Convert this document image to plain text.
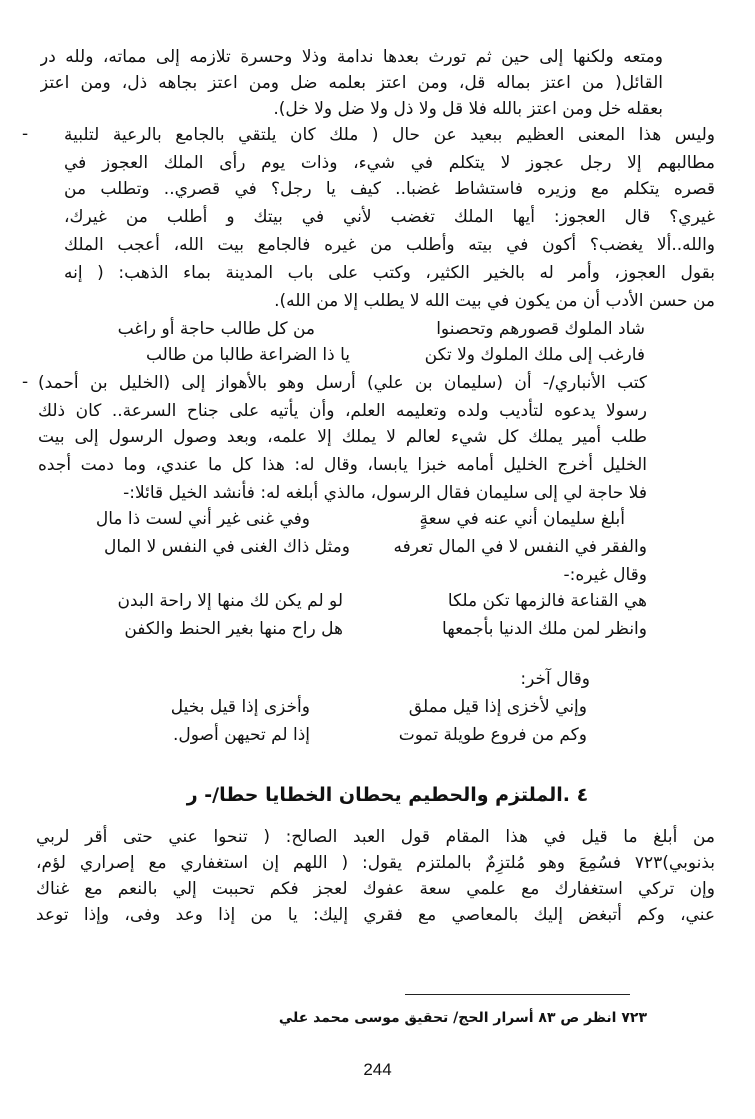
ومتعه ولكنها إلى حين ثم تورث بعدها ندامة وذلا وحسرة تلازمه إلى مماته، ولله در
القائل( من اعتز بماله قل، ومن اعتز بعلمه ضل ومن اعتز بجاهه ذل، ومن اعتز
بعقله خل ومن اعتز بالله فلا قل ولا ذل ولا ضل ولا خل).
- وليس هذا المعنى العظيم ببعيد عن حال ( ملك كان يلتقي بالجامع بالرعية لتلبية
مطالبهم إلا رجل عجوز لا يتكلم في شيء، وذات يوم رأى الملك العجوز في
قصره يتكلم مع وزيره فاستشاط غضبا.. كيف يا رجل؟ في قصري.. وتطلب من
غيري؟ قال العجوز: أيها الملك تغضب لأني في بيتك و أطلب من غيرك،
والله..ألا يغضب؟ أكون في بيته وأطلب من غيره فالجامع بيت الله، أعجب الملك
بقول العجوز، وأمر له بالخير الكثير، وكتب على باب المدينة بماء الذهب: ( إنه
من حسن الأدب أن من يكون في بيت الله لا يطلب إلا من الله).
شاد الملوك قصورهم وتحصنوا
من كل طالب حاجة أو راغب
فارغب إلى ملك الملوك ولا تكن
يا ذا الضراعة طالبا من طالب
- كتب الأنباري/- أن (سليمان بن علي) أرسل وهو بالأهواز إلى (الخليل بن أحمد)
رسولا يدعوه لتأديب ولده وتعليمه العلم، وأن يأتيه على جناح السرعة.. كان ذلك
طلب أمير يملك كل شيء لعالم لا يملك إلا علمه، وبعد وصول الرسول إلى بيت
الخليل أخرج الخليل أمامه خبزا يابسا، وقال له: هذا كل ما عندي، وما دمت أجده
فلا حاجة لي إلى سليمان فقال الرسول، مالذي أبلغه له: فأنشد الخيل قائلا:-
أبلغ سليمان أني عنه في سعةٍ
وفي غنى غير أني لست ذا مال
والفقر في النفس لا في المال تعرفه
ومثل ذاك الغنى في النفس لا المال
وقال غيره:-
هي القناعة فالزمها تكن ملكا
لو لم يكن لك منها إلا راحة البدن
وانظر لمن ملك الدنيا بأجمعها
هل راح منها بغير الحنط والكفن
وقال آخر:
وإني لأخزى إذا قيل مملق
وأخزى إذا قيل بخيل
وكم من فروع طويلة تموت
إذا لم تحيهن أصول.
٤ .الملتزم والحطيم يحطان الخطايا حطا/- ر
من أبلغ ما قيل في هذا المقام قول العبد الصالح: ( تنحوا عني حتى أقر لربي
بذنوبي)٧٢٣ فسُمِعَ وهو مُلتزِمٌ بالملتزم يقول: ( اللهم إن استغفاري مع إصراري لؤم،
وإن تركي استغفارك مع علمي سعة عفوك لعجز فكم تحببت إلي بالنعم مع غناك
عني، وكم أتبغض إليك بالمعاصي مع فقري إليك: يا من إذا وعد وفى، وإذا توعد
٧٢٣ انظر ص ٨٣ أسرار الحج/ تحقيق موسى محمد علي
244
